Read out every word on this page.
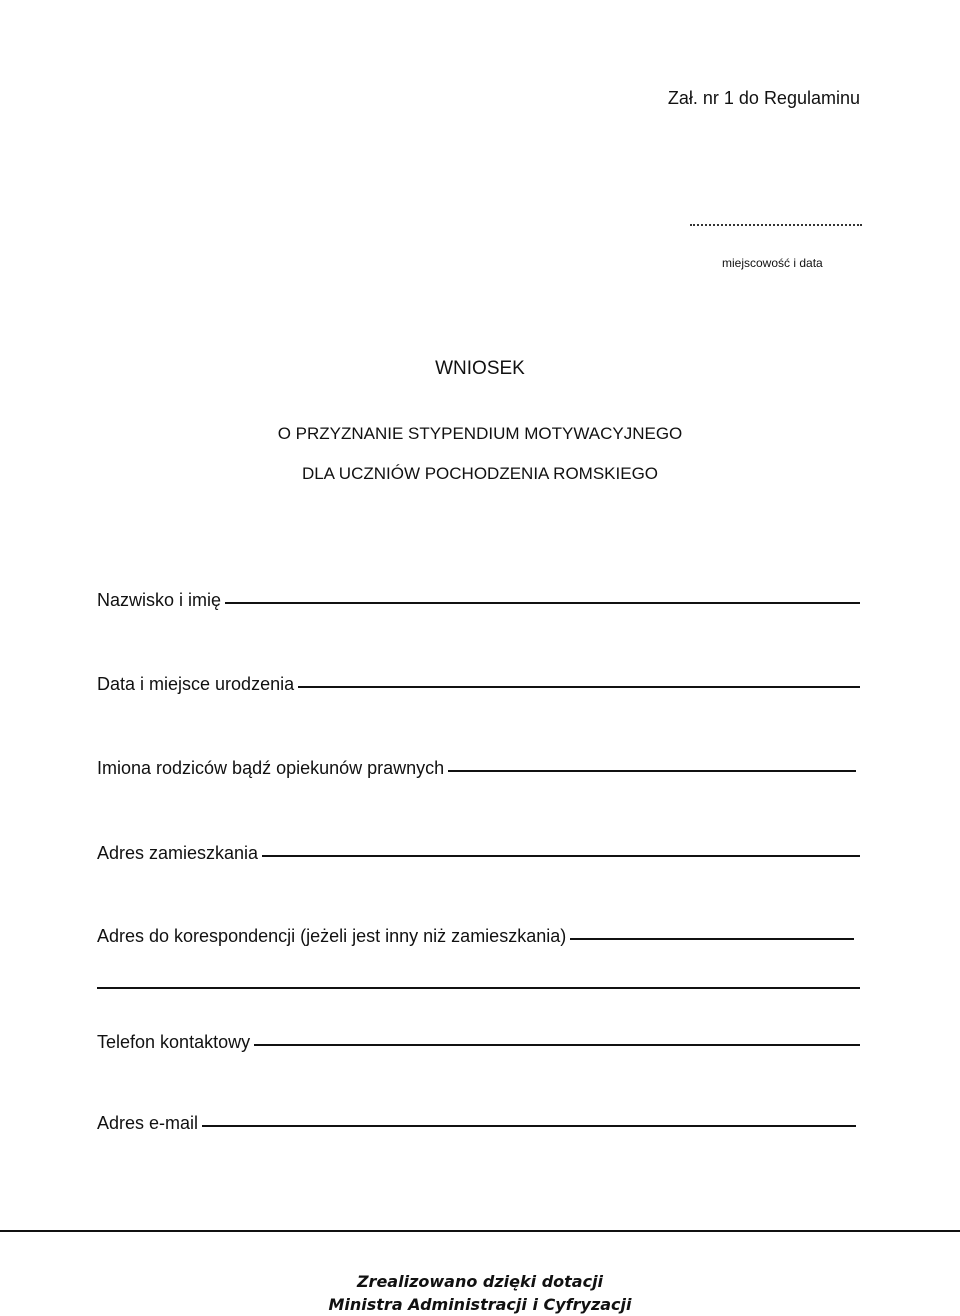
Zał. nr 1 do Regulaminu
miejscowość i data
WNIOSEK
O PRZYZNANIE STYPENDIUM MOTYWACYJNEGO
DLA UCZNIÓW POCHODZENIA ROMSKIEGO
Nazwisko i imię
Data i miejsce urodzenia
Imiona rodziców bądź opiekunów prawnych
Adres zamieszkania
Adres do korespondencji (jeżeli jest inny niż zamieszkania)
Telefon kontaktowy
Adres e-mail
Zrealizowano dzięki dotacji
Ministra Administracji i Cyfryzacji
